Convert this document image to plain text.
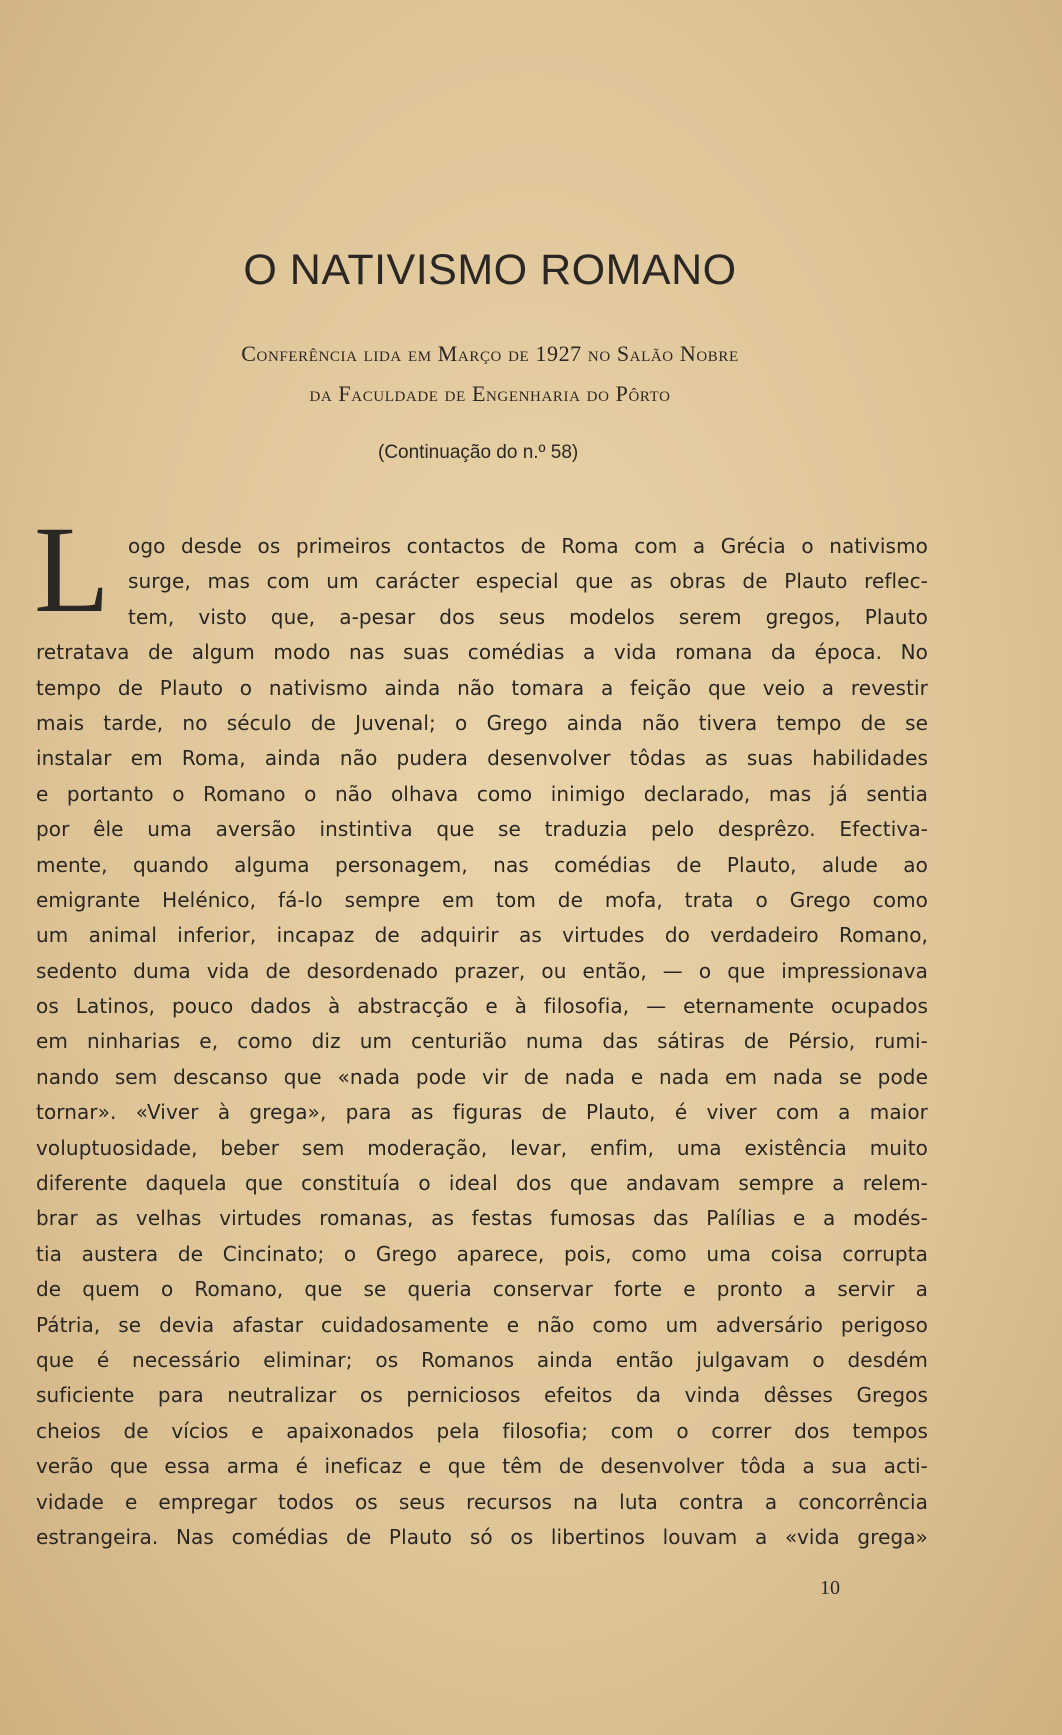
O NATIVISMO ROMANO
Conferência lida em Março de 1927 no Salão Nobre
da Faculdade de Engenharia do Pôrto
(Continuação do n.º 58)
L ogo desde os primeiros contactos de Roma com a Grécia o nativismo
surge, mas com um carácter especial que as obras de Plauto reflec-
tem, visto que, a-pesar dos seus modelos serem gregos, Plauto
retratava de algum modo nas suas comédias a vida romana da época. No
tempo de Plauto o nativismo ainda não tomara a feição que veio a revestir
mais tarde, no século de Juvenal; o Grego ainda não tivera tempo de se
instalar em Roma, ainda não pudera desenvolver tôdas as suas habilidades
e portanto o Romano o não olhava como inimigo declarado, mas já sentia
por êle uma aversão instintiva que se traduzia pelo desprêzo. Efectiva-
mente, quando alguma personagem, nas comédias de Plauto, alude ao
emigrante Helénico, fá-lo sempre em tom de mofa, trata o Grego como
um animal inferior, incapaz de adquirir as virtudes do verdadeiro Romano,
sedento duma vida de desordenado prazer, ou então, — o que impressionava
os Latinos, pouco dados à abstracção e à filosofia, — eternamente ocupados
em ninharias e, como diz um centurião numa das sátiras de Pérsio, rumi-
nando sem descanso que «nada pode vir de nada e nada em nada se pode
tornar». «Viver à grega», para as figuras de Plauto, é viver com a maior
voluptuosidade, beber sem moderação, levar, enfim, uma existência muito
diferente daquela que constituía o ideal dos que andavam sempre a relem-
brar as velhas virtudes romanas, as festas fumosas das Palílias e a modés-
tia austera de Cincinato; o Grego aparece, pois, como uma coisa corrupta
de quem o Romano, que se queria conservar forte e pronto a servir a
Pátria, se devia afastar cuidadosamente e não como um adversário perigoso
que é necessário eliminar; os Romanos ainda então julgavam o desdém
suficiente para neutralizar os perniciosos efeitos da vinda dêsses Gregos
cheios de vícios e apaixonados pela filosofia; com o correr dos tempos
verão que essa arma é ineficaz e que têm de desenvolver tôda a sua acti-
vidade e empregar todos os seus recursos na luta contra a concorrência
estrangeira. Nas comédias de Plauto só os libertinos louvam a «vida grega»
10
